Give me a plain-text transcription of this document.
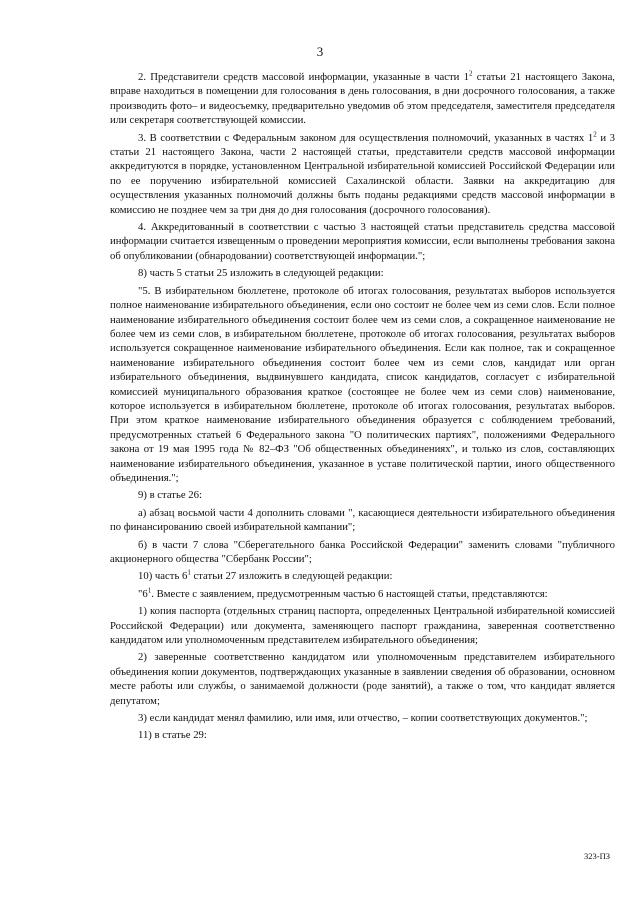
3

2. Представители средств массовой информации, указанные в части $1^2$ статьи 21 настоящего Закона, вправе находиться в помещении для голосования в день голосования, в дни досрочного голосования, а также производить фото– и видеосъемку, предварительно уведомив об этом председателя, заместителя председателя или секретаря соответствующей комиссии.

3. В соответствии с Федеральным законом для осуществления полномочий, указанных в частях $1^2$ и 3 статьи 21 настоящего Закона, части 2 настоящей статьи, представители средств массовой информации аккредитуются в порядке, установленном Центральной избирательной комиссией Российской Федерации или по ее поручению избирательной комиссией Сахалинской области. Заявки на аккредитацию для осуществления указанных полномочий должны быть поданы редакциями средств массовой информации в комиссию не позднее чем за три дня до дня голосования (досрочного голосования).

4. Аккредитованный в соответствии с частью 3 настоящей статьи представитель средства массовой информации считается извещенным о проведении мероприятия комиссии, если выполнены требования закона об опубликовании (обнародовании) соответствующей информации.";

8) часть 5 статьи 25 изложить в следующей редакции:

"5. В избирательном бюллетене, протоколе об итогах голосования, результатах выборов используется полное наименование избирательного объединения, если оно состоит не более чем из семи слов. Если полное наименование избирательного объединения состоит более чем из семи слов, а сокращенное наименование не более чем из семи слов, в избирательном бюллетене, протоколе об итогах голосования, результатах выборов используется сокращенное наименование избирательного объединения. Если как полное, так и сокращенное наименование избирательного объединения состоит более чем из семи слов, кандидат или орган избирательного объединения, выдвинувшего кандидата, список кандидатов, согласует с избирательной комиссией муниципального образования краткое (состоящее не более чем из семи слов) наименование, которое используется в избирательном бюллетене, протоколе об итогах голосования, результатах выборов. При этом краткое наименование избирательного объединения образуется с соблюдением требований, предусмотренных статьей 6 Федерального закона "О политических партиях", положениями Федерального закона от 19 мая 1995 года № 82–ФЗ "Об общественных объединениях", и только из слов, составляющих наименование избирательного объединения, указанное в уставе политической партии, иного общественного объединения.";

9) в статье 26:

а) абзац восьмой части 4 дополнить словами ", касающиеся деятельности избирательного объединения по финансированию своей избирательной кампании";

б) в части 7 слова "Сберегательного банка Российской Федерации" заменить словами "публичного акционерного общества "Сбербанк России";

10) часть $6^1$ статьи 27 изложить в следующей редакции:

"$6^1$. Вместе с заявлением, предусмотренным частью 6 настоящей статьи, представляются:

1) копия паспорта (отдельных страниц паспорта, определенных Центральной избирательной комиссией Российской Федерации) или документа, заменяющего паспорт гражданина, заверенная соответственно кандидатом или уполномоченным представителем избирательного объединения;

2) заверенные соответственно кандидатом или уполномоченным представителем избирательного объединения копии документов, подтверждающих указанные в заявлении сведения об образовании, основном месте работы или службы, о занимаемой должности (роде занятий), а также о том, что кандидат является депутатом;

3) если кандидат менял фамилию, или имя, или отчество, – копии соответствующих документов.";

11) в статье 29:

323-ПЗ
